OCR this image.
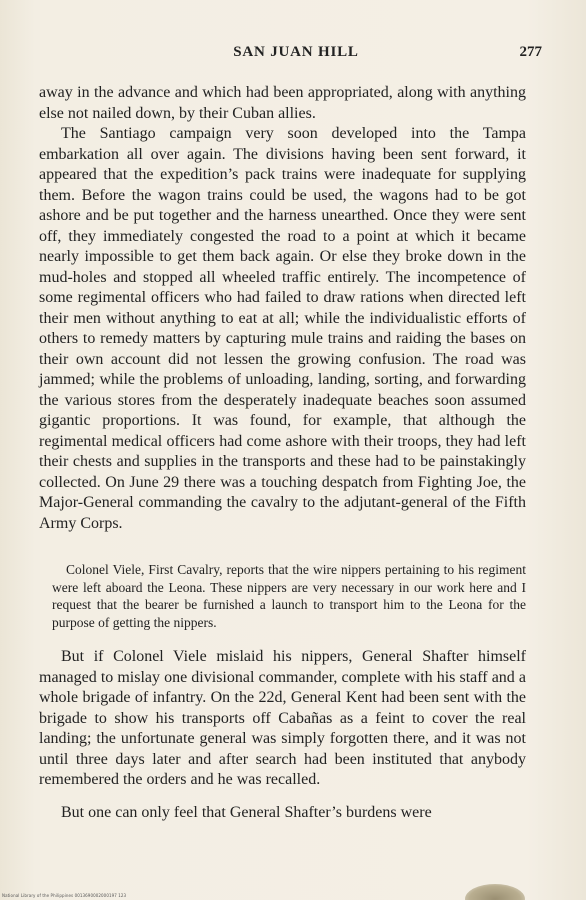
SAN JUAN HILL	277

away in the advance and which had been appropriated, along with anything else not nailed down, by their Cuban allies.

The Santiago campaign very soon developed into the Tampa embarkation all over again. The divisions having been sent forward, it appeared that the expedition’s pack trains were inadequate for supplying them. Before the wagon trains could be used, the wagons had to be got ashore and be put together and the harness unearthed. Once they were sent off, they immediately congested the road to a point at which it became nearly impossible to get them back again. Or else they broke down in the mud-holes and stopped all wheeled traffic entirely. The incompetence of some regimental officers who had failed to draw rations when directed left their men without anything to eat at all; while the individualistic efforts of others to remedy matters by capturing mule trains and raiding the bases on their own account did not lessen the growing confusion. The road was jammed; while the problems of unloading, landing, sorting, and forwarding the various stores from the desperately inadequate beaches soon assumed gigantic proportions. It was found, for example, that although the regimental medical officers had come ashore with their troops, they had left their chests and supplies in the transports and these had to be painstakingly collected. On June 29 there was a touching despatch from Fighting Joe, the Major-General commanding the cavalry to the adjutant-general of the Fifth Army Corps.

Colonel Viele, First Cavalry, reports that the wire nippers pertaining to his regiment were left aboard the Leona. These nippers are very necessary in our work here and I request that the bearer be furnished a launch to transport him to the Leona for the purpose of getting the nippers.

But if Colonel Viele mislaid his nippers, General Shafter himself managed to mislay one divisional commander, complete with his staff and a whole brigade of infantry. On the 22d, General Kent had been sent with the brigade to show his transports off Cabañas as a feint to cover the real landing; the unfortunate general was simply forgotten there, and it was not until three days later and after search had been instituted that anybody remembered the orders and he was recalled.

But one can only feel that General Shafter’s burdens were

National Library of the Philippines 0013690002000197 123
